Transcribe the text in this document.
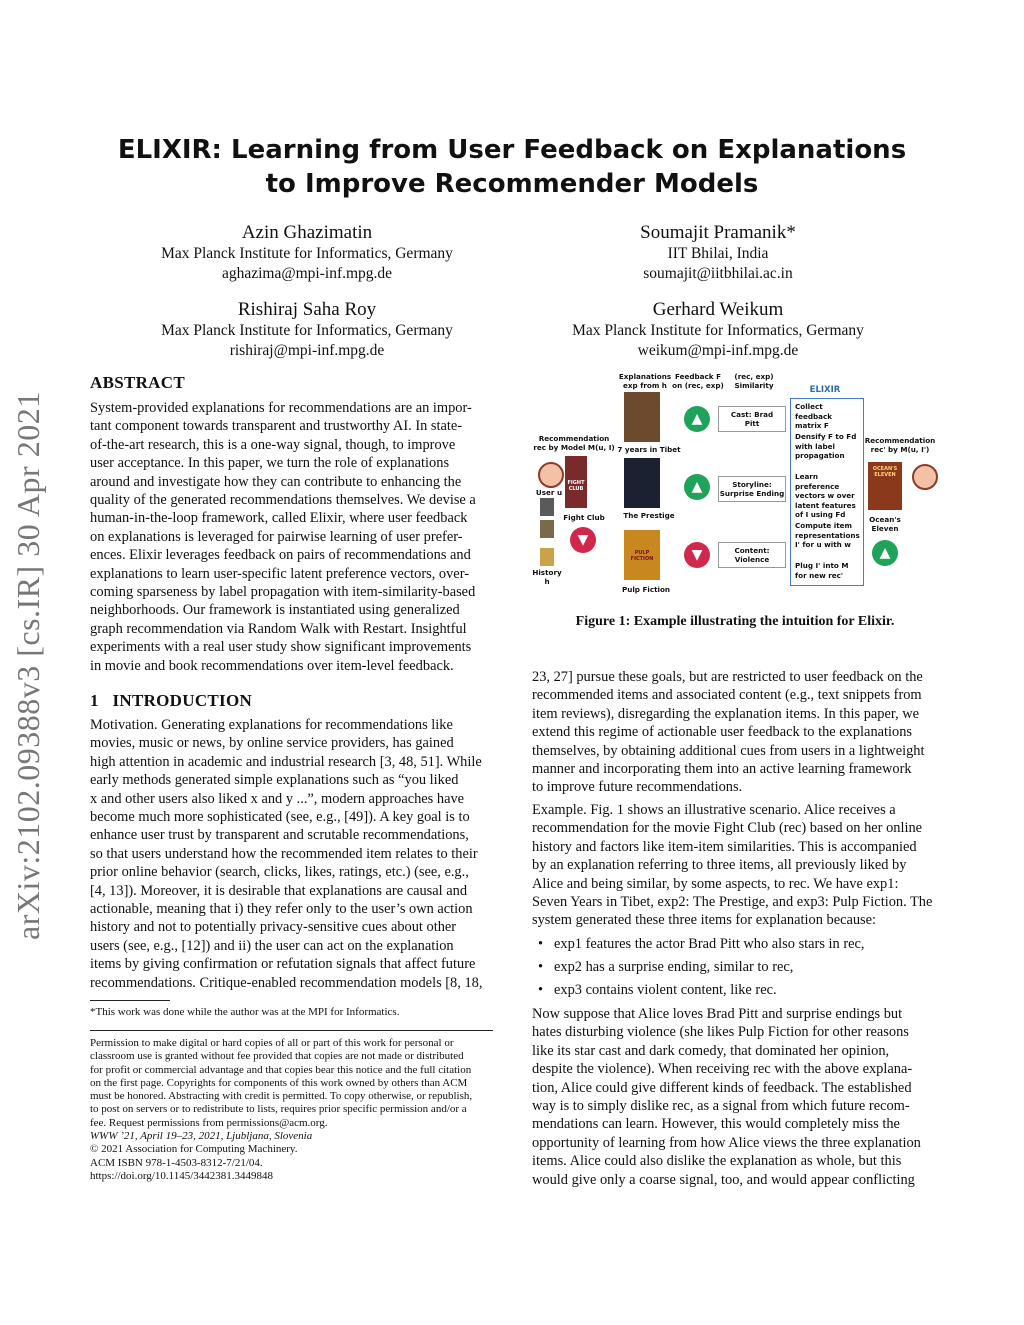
ELIXIR: Learning from User Feedback on Explanations
to Improve Recommender Models
Azin Ghazimatin
Max Planck Institute for Informatics, Germany
aghazima@mpi-inf.mpg.de
Soumajit Pramanik*
IIT Bhilai, India
soumajit@iitbhilai.ac.in
Rishiraj Saha Roy
Max Planck Institute for Informatics, Germany
rishiraj@mpi-inf.mpg.de
Gerhard Weikum
Max Planck Institute for Informatics, Germany
weikum@mpi-inf.mpg.de
arXiv:2102.09388v3 [cs.IR] 30 Apr 2021
ABSTRACT
System-provided explanations for recommendations are an impor-
tant component towards transparent and trustworthy AI. In state-
of-the-art research, this is a one-way signal, though, to improve
user acceptance. In this paper, we turn the role of explanations
around and investigate how they can contribute to enhancing the
quality of the generated recommendations themselves. We devise a
human-in-the-loop framework, called Elixir, where user feedback
on explanations is leveraged for pairwise learning of user prefer-
ences. Elixir leverages feedback on pairs of recommendations and
explanations to learn user-specific latent preference vectors, over-
coming sparseness by label propagation with item-similarity-based
neighborhoods. Our framework is instantiated using generalized
graph recommendation via Random Walk with Restart. Insightful
experiments with a real user study show significant improvements
in movie and book recommendations over item-level feedback.
1   INTRODUCTION
Motivation. Generating explanations for recommendations like
movies, music or news, by online service providers, has gained
high attention in academic and industrial research [3, 48, 51]. While
early methods generated simple explanations such as “you liked
x and other users also liked x and y ...”, modern approaches have
become much more sophisticated (see, e.g., [49]). A key goal is to
enhance user trust by transparent and scrutable recommendations,
so that users understand how the recommended item relates to their
prior online behavior (search, clicks, likes, ratings, etc.) (see, e.g.,
[4, 13]). Moreover, it is desirable that explanations are causal and
actionable, meaning that i) they refer only to the user’s own action
history and not to potentially privacy-sensitive cues about other
users (see, e.g., [12]) and ii) the user can act on the explanation
items by giving confirmation or refutation signals that affect future
recommendations. Critique-enabled recommendation models [8, 18,
*This work was done while the author was at the MPI for Informatics.
Permission to make digital or hard copies of all or part of this work for personal or
classroom use is granted without fee provided that copies are not made or distributed
for profit or commercial advantage and that copies bear this notice and the full citation
on the first page. Copyrights for components of this work owned by others than ACM
must be honored. Abstracting with credit is permitted. To copy otherwise, or republish,
to post on servers or to redistribute to lists, requires prior specific permission and/or a
fee. Request permissions from permissions@acm.org.
WWW ’21, April 19–23, 2021, Ljubljana, Slovenia
© 2021 Association for Computing Machinery.
ACM ISBN 978-1-4503-8312-7/21/04.
https://doi.org/10.1145/3442381.3449848
Explanations exp from h
Feedback F on (rec, exp)
(rec, exp) Similarity
Recommendation rec by Model M(u, I)
User u
FIGHT CLUB
Fight Club
▼
History h
7 years in Tibet
The Prestige
PULP FICTION
Pulp Fiction
▲
▲
▼
Cast: Brad Pitt
Storyline: Surprise Ending
Content: Violence
ELIXIR
Collect feedback matrix F
Densify F to Fd with label propagation
Learn preference vectors w over latent features of I using Fd
Compute item representations I' for u with w
Plug I' into M for new rec'
Recommendation rec' by M(u, I')
OCEAN'S ELEVEN
Ocean's Eleven
▲
Figure 1: Example illustrating the intuition for Elixir.
23, 27] pursue these goals, but are restricted to user feedback on the
recommended items and associated content (e.g., text snippets from
item reviews), disregarding the explanation items. In this paper, we
extend this regime of actionable user feedback to the explanations
themselves, by obtaining additional cues from users in a lightweight
manner and incorporating them into an active learning framework
to improve future recommendations.
Example. Fig. 1 shows an illustrative scenario. Alice receives a
recommendation for the movie Fight Club (rec) based on her online
history and factors like item-item similarities. This is accompanied
by an explanation referring to three items, all previously liked by
Alice and being similar, by some aspects, to rec. We have exp1:
Seven Years in Tibet, exp2: The Prestige, and exp3: Pulp Fiction. The
system generated these three items for explanation because:
• exp1 features the actor Brad Pitt who also stars in rec,
• exp2 has a surprise ending, similar to rec,
• exp3 contains violent content, like rec.
Now suppose that Alice loves Brad Pitt and surprise endings but
hates disturbing violence (she likes Pulp Fiction for other reasons
like its star cast and dark comedy, that dominated her opinion,
despite the violence). When receiving rec with the above explana-
tion, Alice could give different kinds of feedback. The established
way is to simply dislike rec, as a signal from which future recom-
mendations can learn. However, this would completely miss the
opportunity of learning from how Alice views the three explanation
items. Alice could also dislike the explanation as whole, but this
would give only a coarse signal, too, and would appear conflicting
